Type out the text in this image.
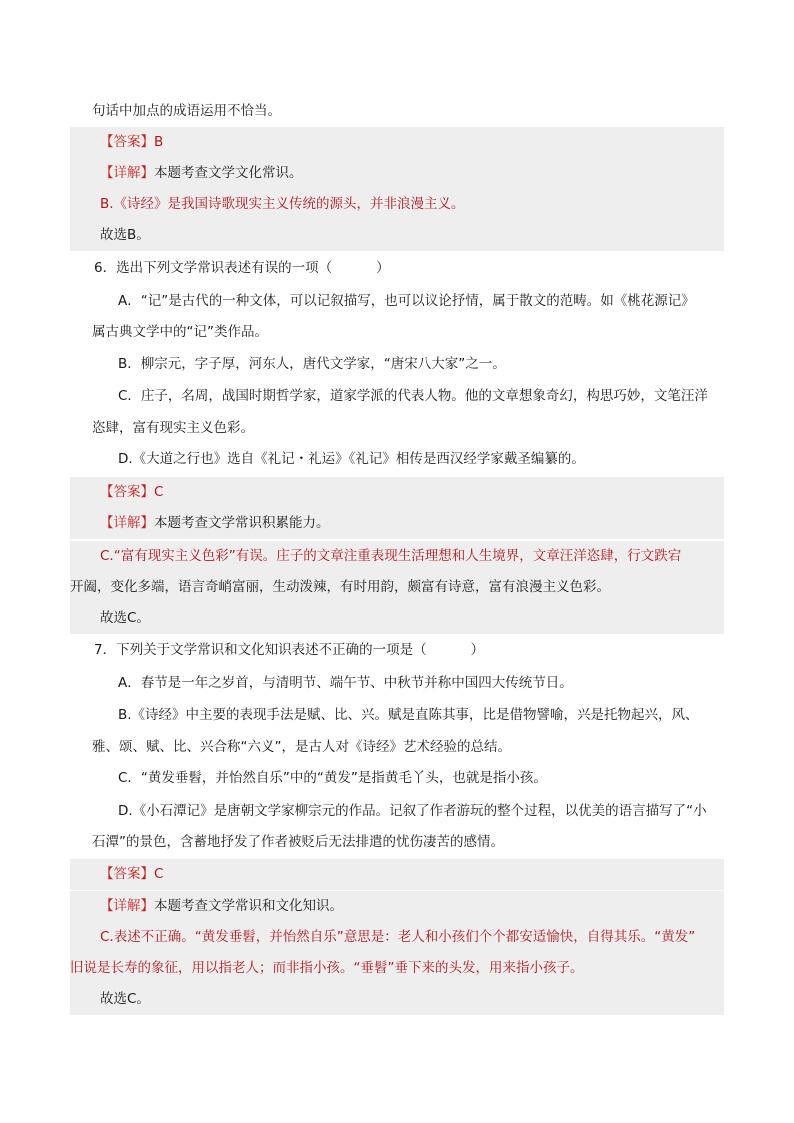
句话中加点的成语运用不恰当。
【答案】B
【详解】本题考查文学文化常识。
B.《诗经》是我国诗歌现实主义传统的源头，并非浪漫主义。
故选B。
6．选出下列文学常识表述有误的一项（	）
A．“记”是古代的一种文体，可以记叙描写，也可以议论抒情，属于散文的范畴。如《桃花源记》
属古典文学中的“记”类作品。
B．柳宗元，字子厚，河东人，唐代文学家，“唐宋八大家”之一。
C．庄子，名周，战国时期哲学家，道家学派的代表人物。他的文章想象奇幻，构思巧妙，文笔汪洋
恣肆，富有现实主义色彩。
D.《大道之行也》选自《礼记・礼运》《礼记》相传是西汉经学家戴圣编纂的。
【答案】C
【详解】本题考查文学常识积累能力。
C.“富有现实主义色彩”有误。庄子的文章注重表现生活理想和人生境界，文章汪洋恣肆，行文跌宕
开阖，变化多端，语言奇峭富丽，生动泼辣，有时用韵，颇富有诗意，富有浪漫主义色彩。
故选C。
7．下列关于文学常识和文化知识表述不正确的一项是（	）
A．春节是一年之岁首，与清明节、端午节、中秋节并称中国四大传统节日。
B.《诗经》中主要的表现手法是赋、比、兴。赋是直陈其事，比是借物譬喻，兴是托物起兴，风、
雅、颂、赋、比、兴合称“六义”，是古人对《诗经》艺术经验的总结。
C．“黄发垂髫，并怡然自乐”中的“黄发”是指黄毛丫头，也就是指小孩。
D.《小石潭记》是唐朝文学家柳宗元的作品。记叙了作者游玩的整个过程，以优美的语言描写了“小
石潭”的景色，含蓄地抒发了作者被贬后无法排遣的忧伤凄苦的感情。
【答案】C
【详解】本题考查文学常识和文化知识。
C.表述不正确。“黄发垂髫，并怡然自乐”意思是：老人和小孩们个个都安适愉快，自得其乐。“黄发”
旧说是长寿的象征，用以指老人；而非指小孩。“垂髫”垂下来的头发，用来指小孩子。
故选C。
